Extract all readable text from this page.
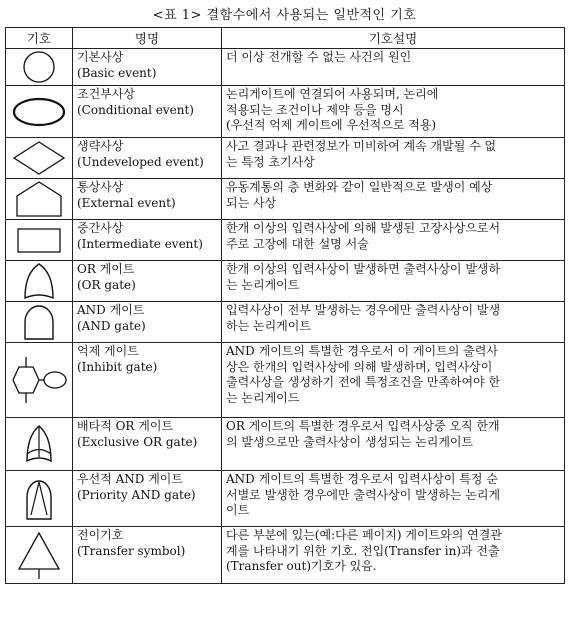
<표 1> 결함수에서 사용되는 일반적인 기호
기호	명명	기호설명

기본사상
(Basic event)	더 이상 전개할 수 없는 사건의 원인

조건부사상
(Conditional event)	논리게이트에 연결되어 사용되며, 논리에
적용되는 조건이나 제약 등을 명시
(우선적 억제 게이트에 우선적으로 적용)

생략사상
(Undeveloped event)	사고 결과나 관련정보가 미비하여 계속 개발될 수 없
는 특정 초기사상

통상사상
(External event)	유동계통의 층 변화와 같이 일반적으로 발생이 예상
되는 사상

중간사상
(Intermediate event)	한개 이상의 입력사상에 의해 발생된 고장사상으로서
주로 고장에 대한 설명 서술

OR 게이트
(OR gate)	한개 이상의 입력사상이 발생하면 출력사상이 발생하
는 논리게이트

AND 게이트
(AND gate)	입력사상이 전부 발생하는 경우에만 출력사상이 발생
하는 논리게이트

억제 게이트
(Inhibit gate)	AND 게이트의 특별한 경우로서 이 게이트의 출력사
상은 한개의 입력사상에 의해 발생하며, 입력사상이
출력사상을 생성하기 전에 특정조건을 만족하여야 한
는 논리게이드

배타적 OR 게이트
(Exclusive OR gate)	OR 게이트의 특별한 경우로서 입력사상중 오직 한개
의 발생으로만 출력사상이 생성되는 논리게이트

우선적 AND 게이트
(Priority AND gate)	AND 게이트의 특별한 경우로서 입력사상이 특정 순
서별로 발생한 경우에만 출력사상이 발생하는 논리게
이트

전이기호
(Transfer symbol)	다른 부분에 있는(예:다른 페이지) 게이트와의 연결관
계를 나타내기 위한 기호. 전입(Transfer in)과 전출
(Transfer out)기호가 있음.
